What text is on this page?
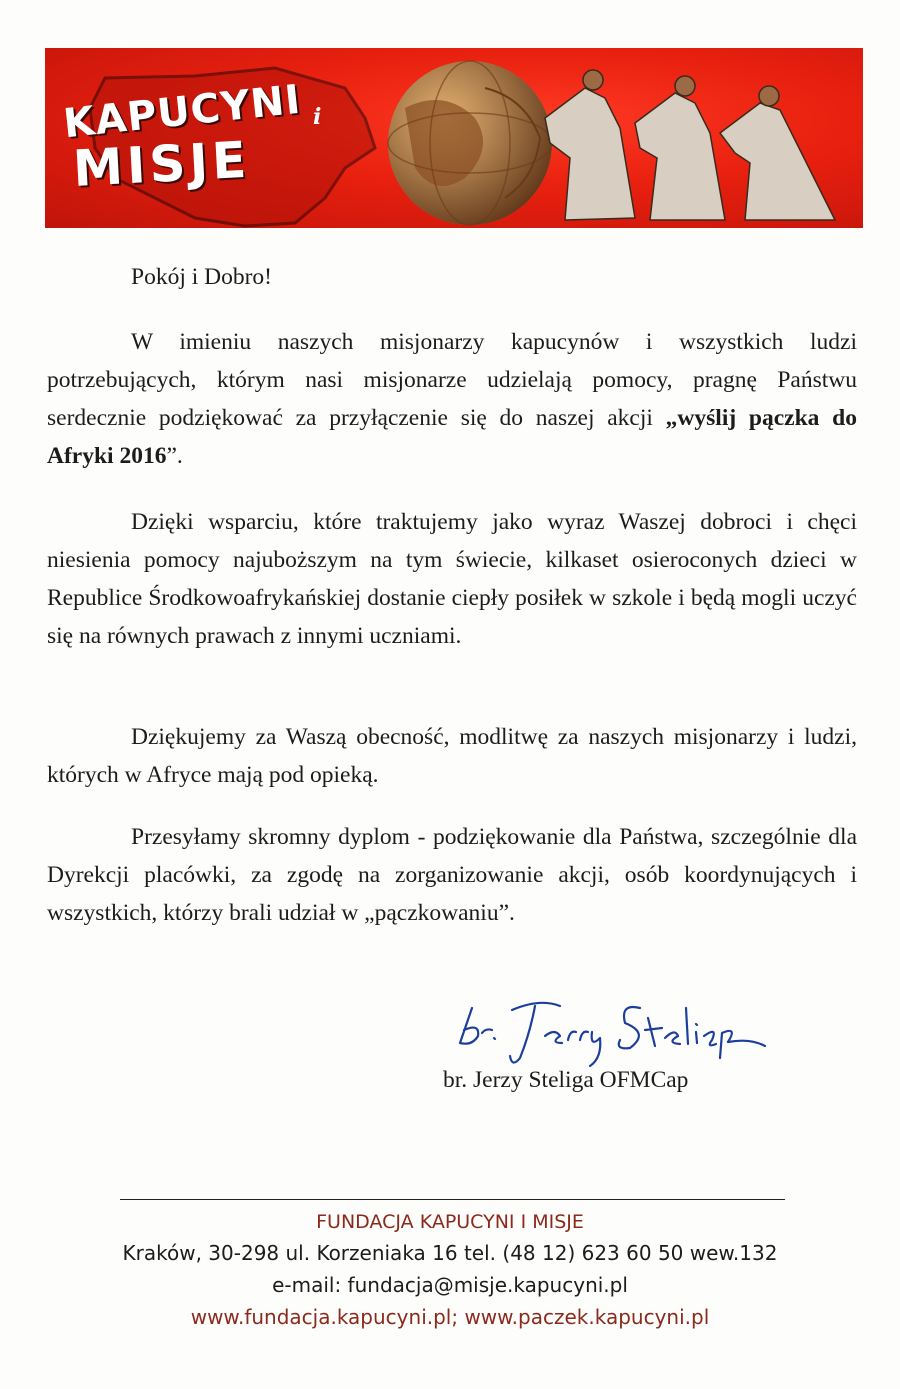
KAPUCYNI i
MISJE
Pokój i Dobro!
W imieniu naszych misjonarzy kapucynów i wszystkich ludzi potrzebujących, którym nasi misjonarze udzielają pomocy, pragnę Państwu serdecznie podziękować za przyłączenie się do naszej akcji „wyślij pączka do Afryki 2016”.
Dzięki wsparciu, które traktujemy jako wyraz Waszej dobroci i chęci niesienia pomocy najuboższym na tym świecie, kilkaset osieroconych dzieci w Republice Środkowoafrykańskiej dostanie ciepły posiłek w szkole i będą mogli uczyć się na równych prawach z innymi uczniami.
Dziękujemy za Waszą obecność, modlitwę za naszych misjonarzy i ludzi, których w Afryce mają pod opieką.
Przesyłamy skromny dyplom - podziękowanie dla Państwa, szczególnie dla Dyrekcji placówki, za zgodę na zorganizowanie akcji, osób koordynujących i wszystkich, którzy brali udział w „pączkowaniu”.
br. Jerzy Steliga OFMCap
FUNDACJA KAPUCYNI I MISJE
Kraków, 30-298 ul. Korzeniaka 16 tel. (48 12) 623 60 50 wew.132
e-mail: fundacja@misje.kapucyni.pl
www.fundacja.kapucyni.pl; www.paczek.kapucyni.pl
